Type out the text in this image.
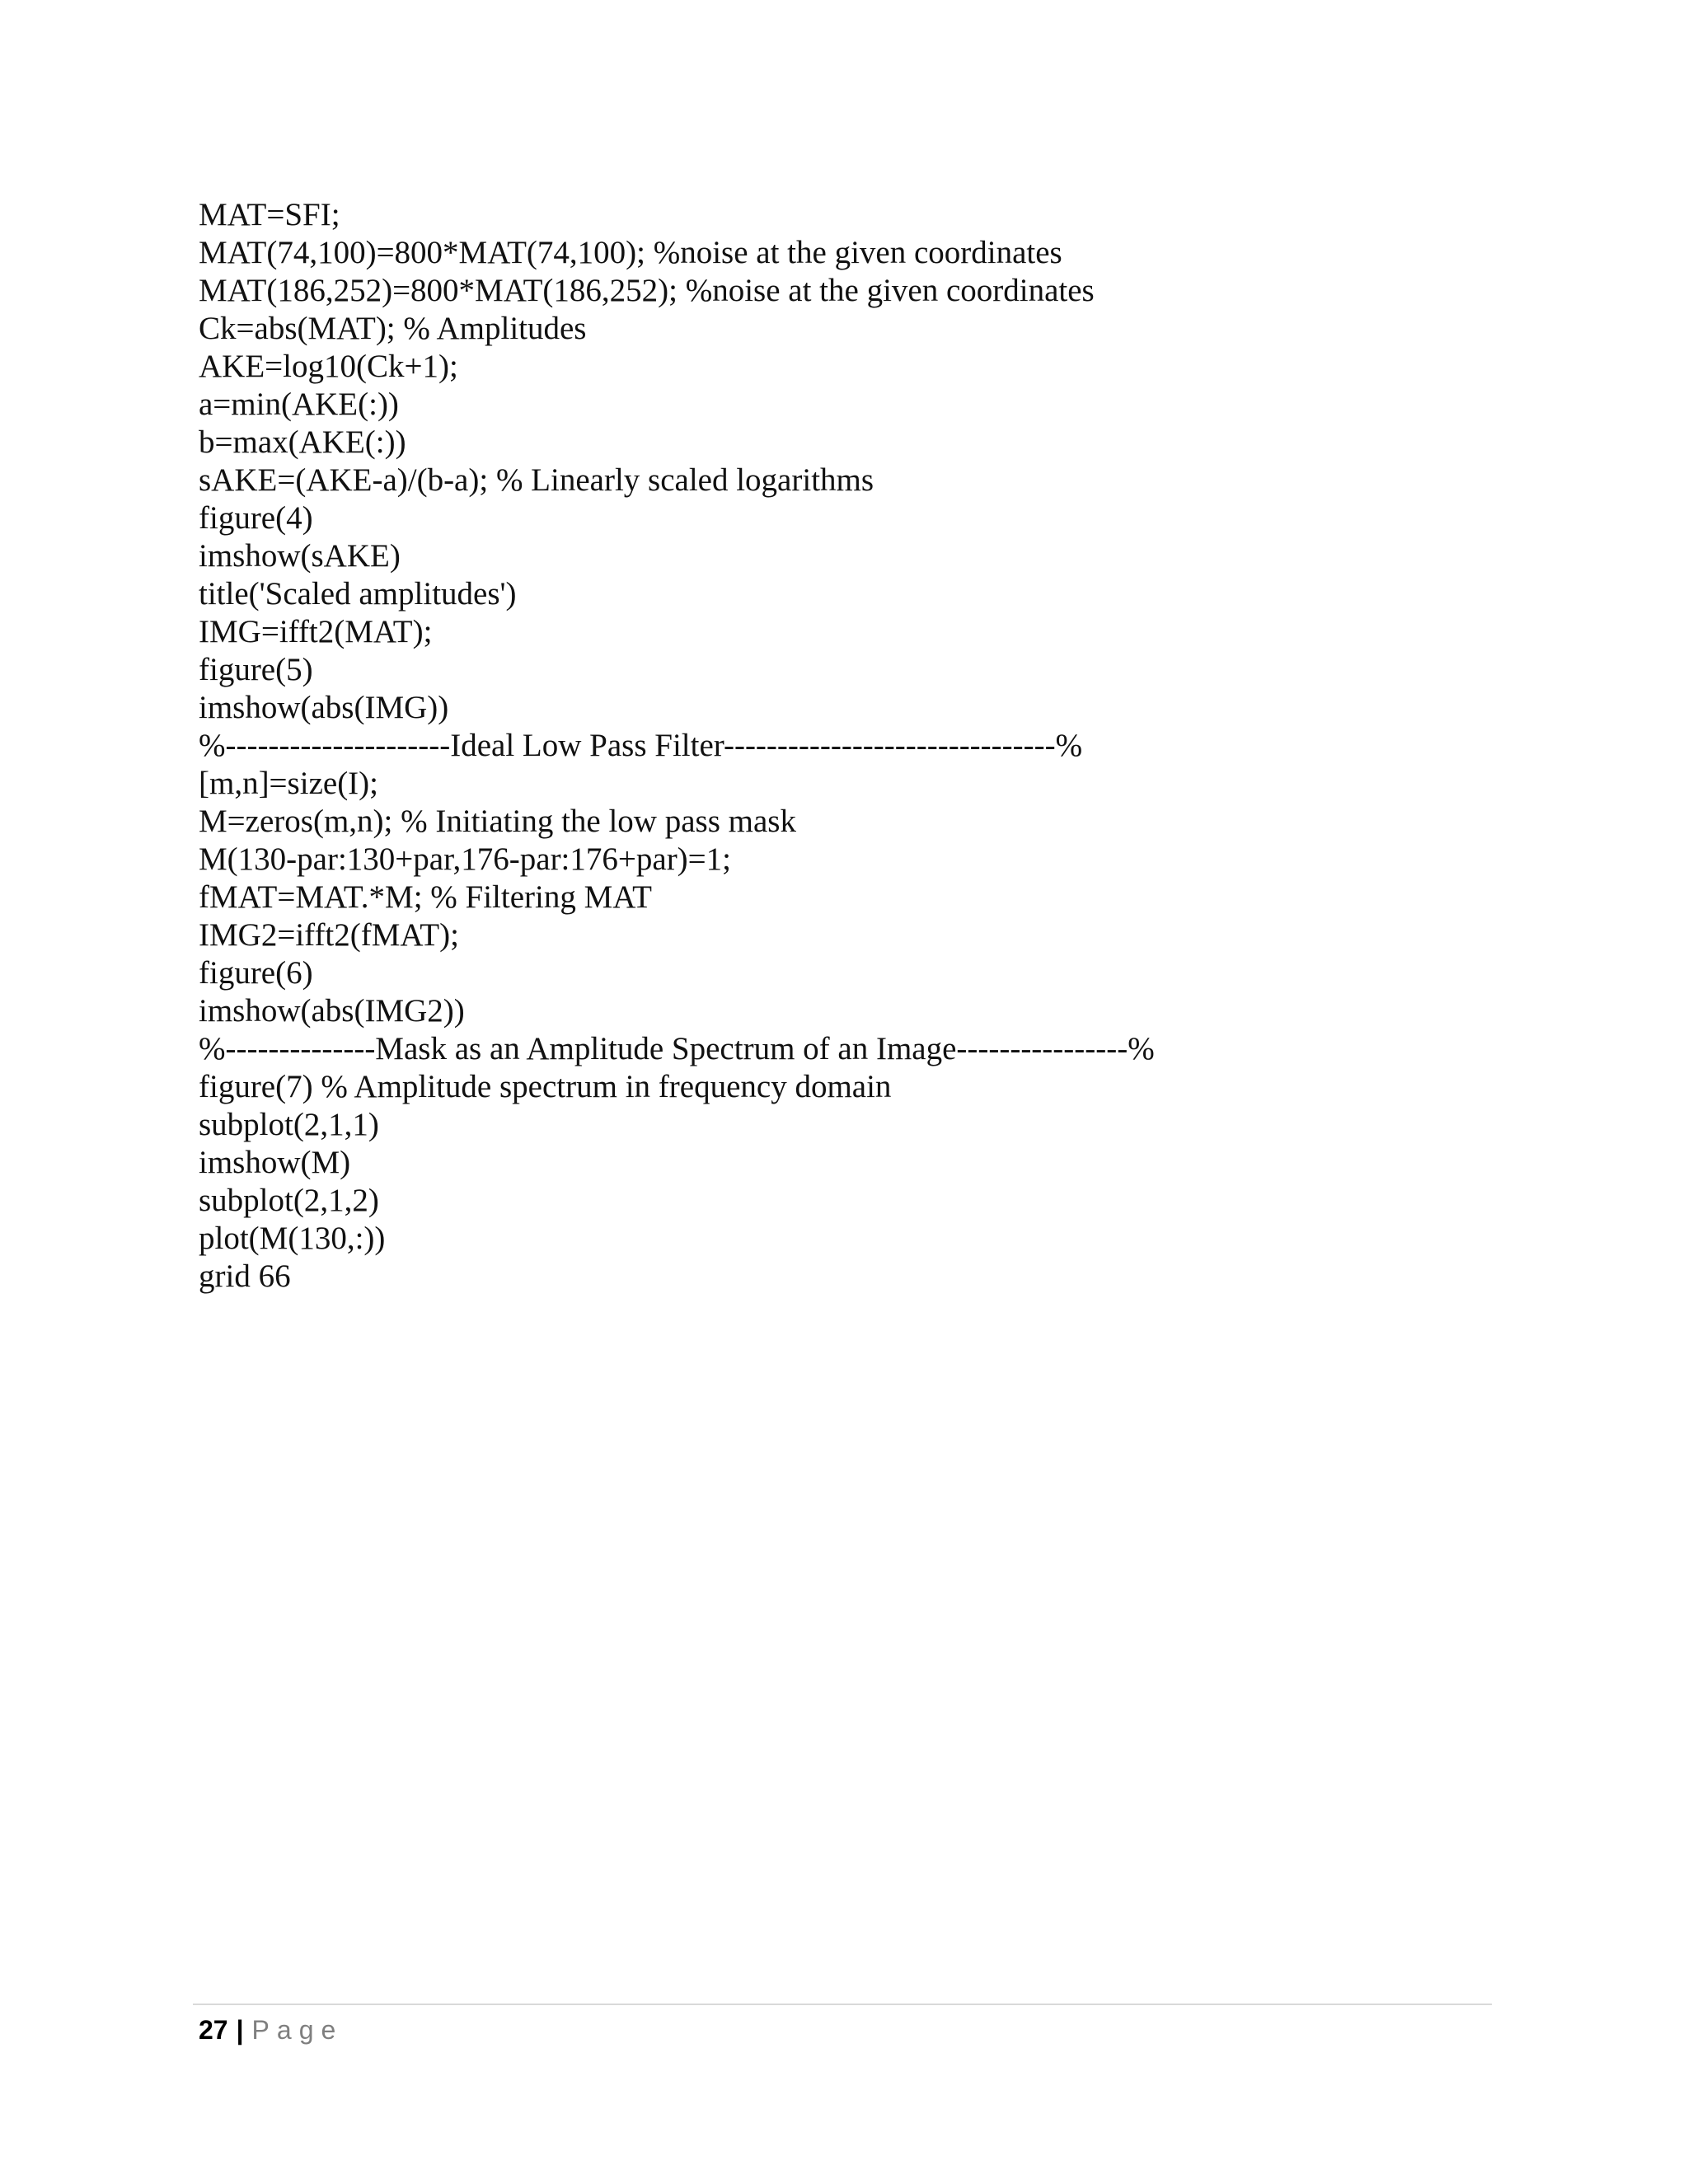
MAT=SFI;
MAT(74,100)=800*MAT(74,100); %noise at the given coordinates
MAT(186,252)=800*MAT(186,252); %noise at the given coordinates
Ck=abs(MAT); % Amplitudes
AKE=log10(Ck+1);
a=min(AKE(:))
b=max(AKE(:))
sAKE=(AKE-a)/(b-a); % Linearly scaled logarithms
figure(4)
imshow(sAKE)
title('Scaled amplitudes')
IMG=ifft2(MAT);
figure(5)
imshow(abs(IMG))
%---------------------Ideal Low Pass Filter-------------------------------%
[m,n]=size(I);
M=zeros(m,n); % Initiating the low pass mask
M(130-par:130+par,176-par:176+par)=1;
fMAT=MAT.*M; % Filtering MAT
IMG2=ifft2(fMAT);
figure(6)
imshow(abs(IMG2))
%--------------Mask as an Amplitude Spectrum of an Image----------------%
figure(7) % Amplitude spectrum in frequency domain
subplot(2,1,1)
imshow(M)
subplot(2,1,2)
plot(M(130,:))
grid 66
27 | Page
